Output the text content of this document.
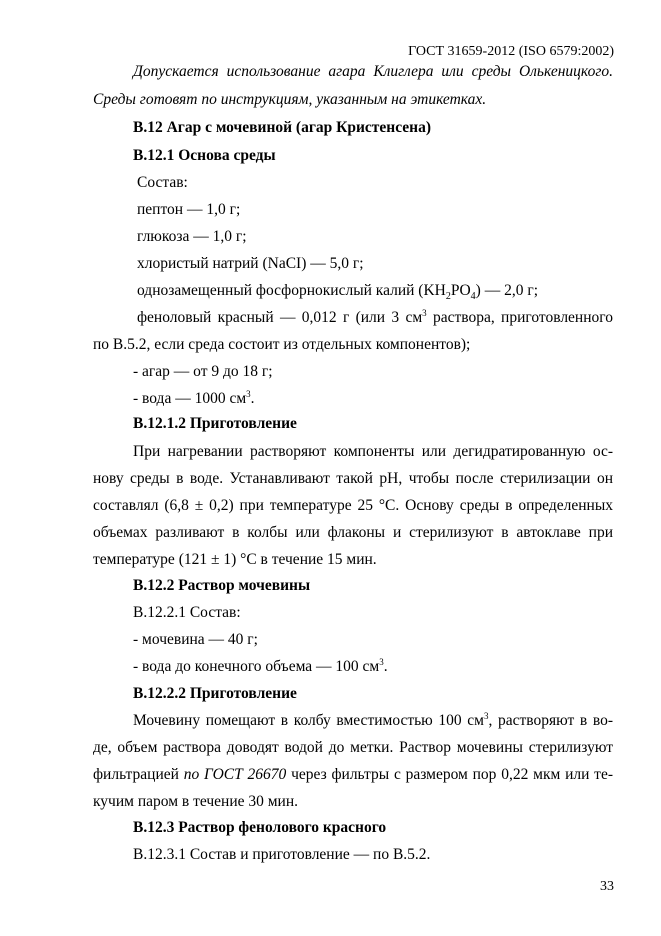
ГОСТ 31659-2012 (ISO 6579:2002)
Допускается использование агара Клиглера или среды Олькеницкого.
Среды готовят по инструкциям, указанным на этикетках.
В.12 Агар с мочевиной (агар Кристенсена)
В.12.1 Основа среды
Состав:
пептон — 1,0 г;
глюкоза — 1,0 г;
хлористый натрий (NaCI) — 5,0 г;
однозамещенный фосфорнокислый калий $(KH_2PO_4)$ — 2,0 г;
феноловый красный — 0,012 г (или 3 $см^3$ раствора, приготовленного
по В.5.2, если среда состоит из отдельных компонентов);
- агар — от 9 до 18 г;
- вода — 1000 $см^3$.
В.12.1.2 Приготовление
При нагревании растворяют компоненты или дегидратированную ос-
нову среды в воде. Устанавливают такой pH, чтобы после стерилизации он
составлял (6,8 ± 0,2) при температуре 25 °С. Основу среды в определенных
объемах разливают в колбы или флаконы и стерилизуют в автоклаве при
температуре (121 ± 1) °С в течение 15 мин.
В.12.2 Раствор мочевины
В.12.2.1 Состав:
- мочевина — 40 г;
- вода до конечного объема — 100 $см^3$.
В.12.2.2 Приготовление
Мочевину помещают в колбу вместимостью 100 $см^3$, растворяют в во-
де, объем раствора доводят водой до метки. Раствор мочевины стерилизуют
фильтрацией по ГОСТ 26670 через фильтры с размером пор 0,22 мкм или те-
кучим паром в течение 30 мин.
В.12.3 Раствор фенолового красного
В.12.3.1 Состав и приготовление — по В.5.2.
33
